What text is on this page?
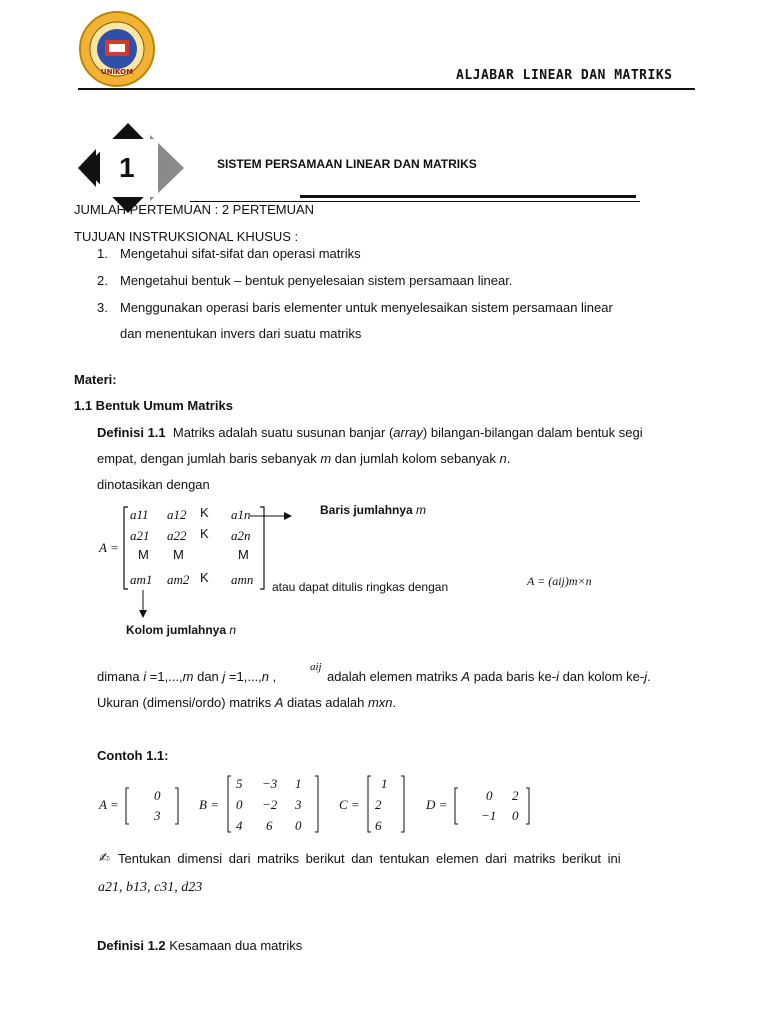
UNIKOM	ALJABAR LINEAR DAN MATRIKS
1	SISTEM PERSAMAAN LINEAR DAN MATRIKS
JUMLAH PERTEMUAN : 2 PERTEMUAN
TUJUAN INSTRUKSIONAL KHUSUS :
1. Mengetahui sifat-sifat dan operasi matriks
2. Mengetahui bentuk – bentuk penyelesaian sistem persamaan linear.
3. Menggunakan operasi baris elementer untuk menyelesaikan sistem persamaan linear
dan menentukan invers dari suatu matriks
Materi:
1.1 Bentuk Umum Matriks
Definisi 1.1 Matriks adalah suatu susunan banjar (array) bilangan-bilangan dalam bentuk segi
empat, dengan jumlah baris sebanyak m dan jumlah kolom sebanyak n.
dinotasikan dengan
A =
a11 a12 K a1n
a21 a22 K a2n
M M	M
am1 am2 K amn
Baris jumlahnya m
Kolom jumlahnya n
atau dapat ditulis ringkas dengan	A = (aij)m×n
dimana i =1,...,m dan j =1,...,n ,
aij
adalah elemen matriks A pada baris ke-i dan kolom ke-j.
Ukuran (dimensi/ordo) matriks A diatas adalah mxn.
Contoh 1.1:
A =
0
3
B =
5 −3 1
0 −2 3
4 6 0
C =
1
2
6
D =
0 2
−1 0
✍ Tentukan dimensi dari matriks berikut dan tentukan elemen dari matriks berikut ini
a21, b13, c31, d23
Definisi 1.2 Kesamaan dua matriks
